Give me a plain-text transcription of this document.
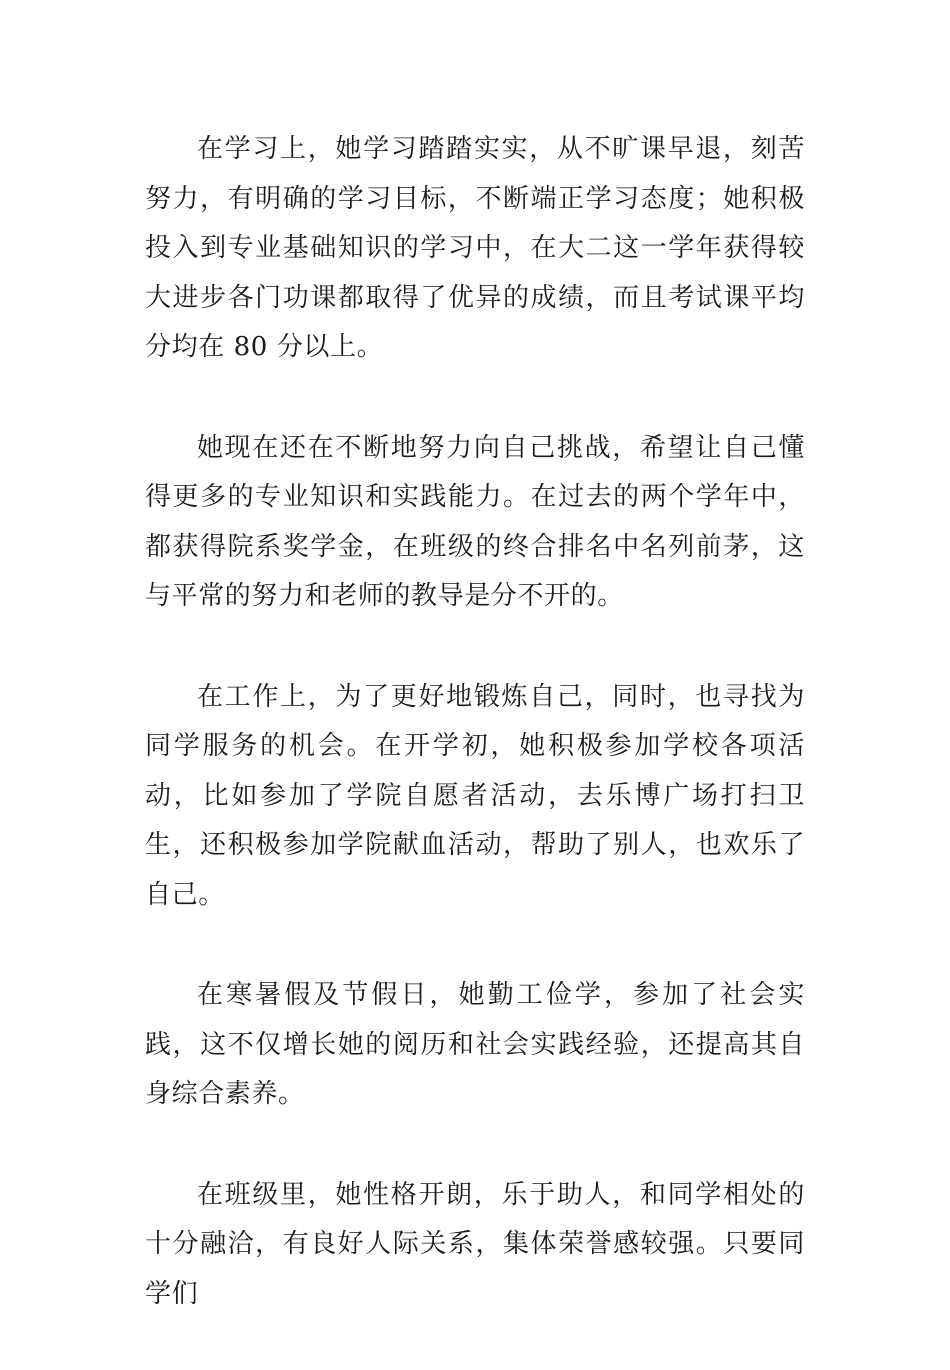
在学习上，她学习踏踏实实，从不旷课早退，刻苦努力，有明确的学习目标，不断端正学习态度；她积极投入到专业基础知识的学习中，在大二这一学年获得较大进步各门功课都取得了优异的成绩，而且考试课平均分均在 80 分以上。

她现在还在不断地努力向自己挑战，希望让自己懂得更多的专业知识和实践能力。在过去的两个学年中，都获得院系奖学金，在班级的终合排名中名列前茅，这与平常的努力和老师的教导是分不开的。

在工作上，为了更好地锻炼自己，同时，也寻找为同学服务的机会。在开学初，她积极参加学校各项活动，比如参加了学院自愿者活动，去乐博广场打扫卫生，还积极参加学院献血活动，帮助了别人，也欢乐了自己。

在寒暑假及节假日，她勤工俭学，参加了社会实践，这不仅增长她的阅历和社会实践经验，还提高其自身综合素养。

在班级里，她性格开朗，乐于助人，和同学相处的十分融洽，有良好人际关系，集体荣誉感较强。只要同学们
